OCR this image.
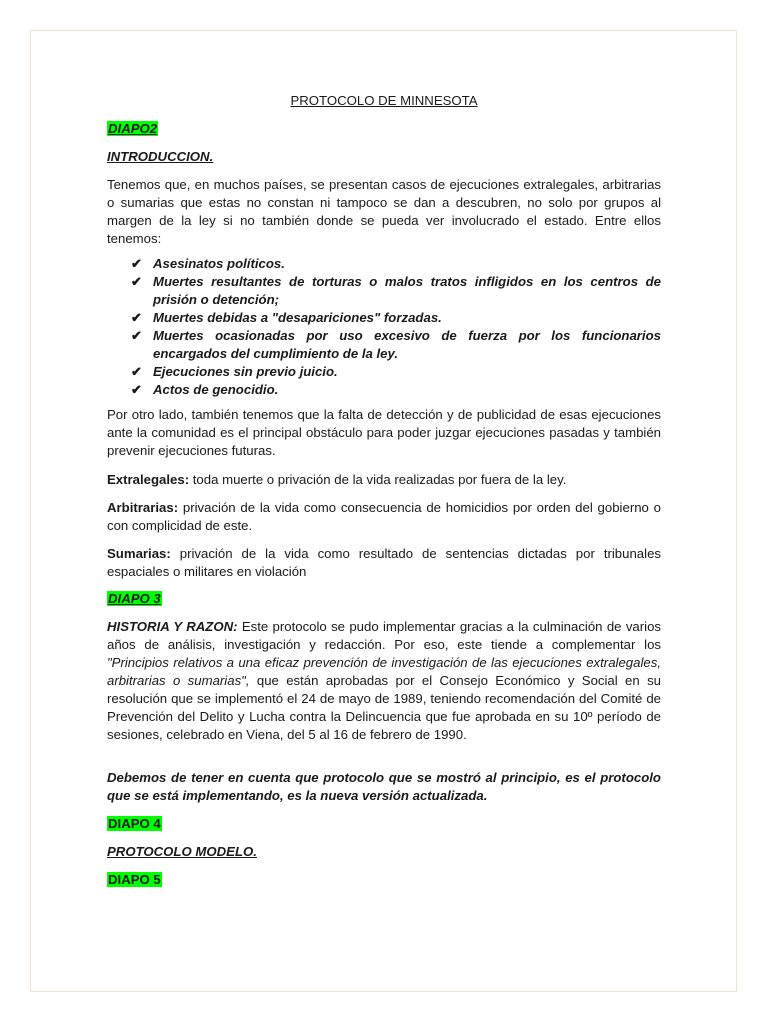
PROTOCOLO DE MINNESOTA

DIAPO2

INTRODUCCION.

Tenemos que, en muchos países, se presentan casos de ejecuciones extralegales, arbitrarias o sumarias que estas no constan ni tampoco se dan a descubren, no solo por grupos al margen de la ley si no también donde se pueda ver involucrado el estado. Entre ellos tenemos:

✔ Asesinatos políticos.
✔ Muertes resultantes de torturas o malos tratos infligidos en los centros de prisión o detención;
✔ Muertes debidas a "desapariciones" forzadas.
✔ Muertes ocasionadas por uso excesivo de fuerza por los funcionarios encargados del cumplimiento de la ley.
✔ Ejecuciones sin previo juicio.
✔ Actos de genocidio.

Por otro lado, también tenemos que la falta de detección y de publicidad de esas ejecuciones ante la comunidad es el principal obstáculo para poder juzgar ejecuciones pasadas y también prevenir ejecuciones futuras.

Extralegales: toda muerte o privación de la vida realizadas por fuera de la ley.

Arbitrarias: privación de la vida como consecuencia de homicidios por orden del gobierno o con complicidad de este.

Sumarias: privación de la vida como resultado de sentencias dictadas por tribunales espaciales o militares en violación

DIAPO 3

HISTORIA Y RAZON: Este protocolo se pudo implementar gracias a la culminación de varios años de análisis, investigación y redacción. Por eso, este tiende a complementar los "Principios relativos a una eficaz prevención de investigación de las ejecuciones extralegales, arbitrarias o sumarias", que están aprobadas por el Consejo Económico y Social en su resolución que se implementó el 24 de mayo de 1989, teniendo recomendación del Comité de Prevención del Delito y Lucha contra la Delincuencia que fue aprobada en su 10º período de sesiones, celebrado en Viena, del 5 al 16 de febrero de 1990.

Debemos de tener en cuenta que protocolo que se mostró al principio, es el protocolo que se está implementando, es la nueva versión actualizada.

DIAPO 4

PROTOCOLO MODELO.

DIAPO 5
